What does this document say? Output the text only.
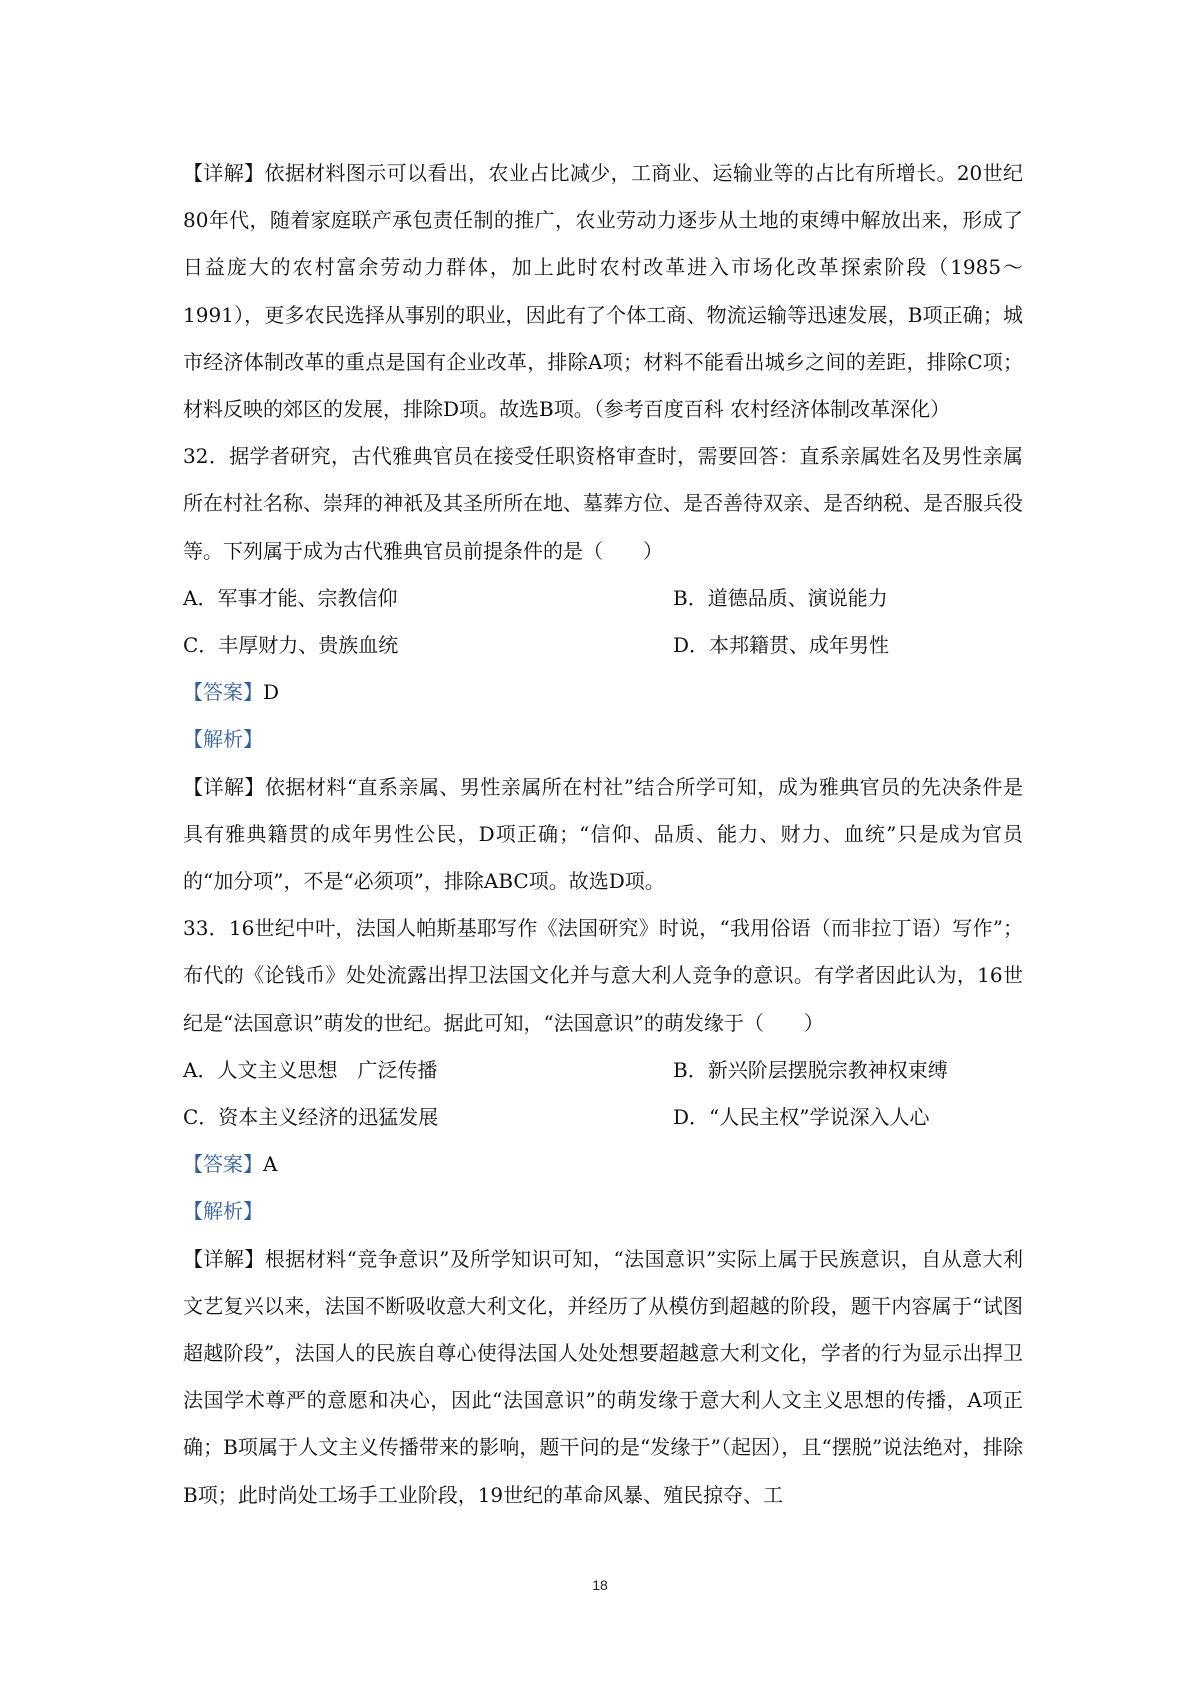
【详解】依据材料图示可以看出，农业占比减少，工商业、运输业等的占比有所增长。20世纪80年代，随着家庭联产承包责任制的推广，农业劳动力逐步从土地的束缚中解放出来，形成了日益庞大的农村富余劳动力群体，加上此时农村改革进入市场化改革探索阶段（1985～1991），更多农民选择从事别的职业，因此有了个体工商、物流运输等迅速发展，B项正确；城市经济体制改革的重点是国有企业改革，排除A项；材料不能看出城乡之间的差距，排除C项；材料反映的郊区的发展，排除D项。故选B项。（参考百度百科 农村经济体制改革深化）

32．据学者研究，古代雅典官员在接受任职资格审查时，需要回答：直系亲属姓名及男性亲属所在村社名称、崇拜的神祇及其圣所所在地、墓葬方位、是否善待双亲、是否纳税、是否服兵役等。下列属于成为古代雅典官员前提条件的是（　　）

A．军事才能、宗教信仰	B．道德品质、演说能力
C．丰厚财力、贵族血统	D．本邦籍贯、成年男性

【答案】D

【解析】

【详解】依据材料“直系亲属、男性亲属所在村社”结合所学可知，成为雅典官员的先决条件是具有雅典籍贯的成年男性公民，D项正确；“信仰、品质、能力、财力、血统”只是成为官员的“加分项”，不是“必须项”，排除ABC项。故选D项。

33．16世纪中叶，法国人帕斯基耶写作《法国研究》时说，“我用俗语（而非拉丁语）写作”；布代的《论钱币》处处流露出捍卫法国文化并与意大利人竞争的意识。有学者因此认为，16世纪是“法国意识”萌发的世纪。据此可知，“法国意识”的萌发缘于（　　）

A．人文主义思想　广泛传播	B．新兴阶层摆脱宗教神权束缚
C．资本主义经济的迅猛发展	D．“人民主权”学说深入人心

【答案】A

【解析】

【详解】根据材料“竞争意识”及所学知识可知，“法国意识”实际上属于民族意识，自从意大利文艺复兴以来，法国不断吸收意大利文化，并经历了从模仿到超越的阶段，题干内容属于“试图超越阶段”，法国人的民族自尊心使得法国人处处想要超越意大利文化，学者的行为显示出捍卫法国学术尊严的意愿和决心，因此“法国意识”的萌发缘于意大利人文主义思想的传播，A项正确；B项属于人文主义传播带来的影响，题干问的是“发缘于”（起因），且“摆脱”说法绝对，排除B项；此时尚处工场手工业阶段，19世纪的革命风暴、殖民掠夺、工

18
